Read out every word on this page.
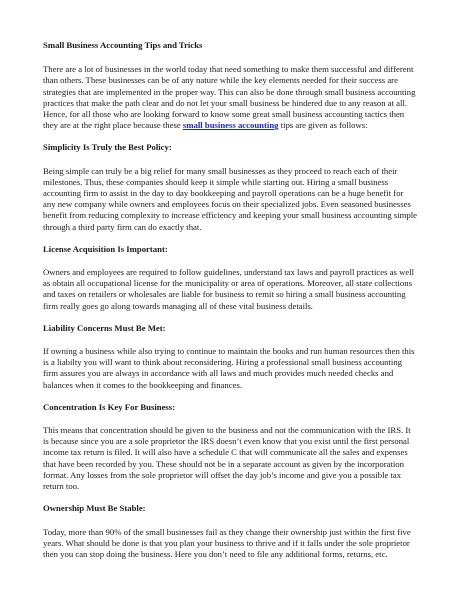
Small Business Accounting Tips and Tricks
There are a lot of businesses in the world today that need something to make them successful and different than others. These businesses can be of any nature while the key elements needed for their success are strategies that are implemented in the proper way. This can also be done through small business accounting practices that make the path clear and do not let your small business be hindered due to any reason at all. Hence, for all those who are looking forward to know some great small business accounting tactics then they are at the right place because these small business accounting tips are given as follows:
Simplicity Is Truly the Best Policy:
Being simple can truly be a big relief for many small businesses as they proceed to reach each of their milestones. Thus, these companies should keep it simple while starting out. Hiring a small business accounting firm to assist in the day to day bookkeeping and payroll operations can be a huge benefit for any new company while owners and employees focus on their specialized jobs. Even seasoned businesses benefit from reducing complexity to increase efficiency and keeping your small business accounting simple through a third party firm can do exactly that.
License Acquisition Is Important:
Owners and employees are required to follow guidelines, understand tax laws and payroll practices as well as obtain all occupational license for the municipality or area of operations. Moreover, all state collections and taxes on retailers or wholesales are liable for business to remit so hiring a small business accounting firm really goes go along towards managing all of these vital business details.
Liability Concerns Must Be Met:
If owning a business while also trying to continue to maintain the books and run human resources then this is a liabilty you will want to think about reconsidering. Hiring a professional small business accounting firm assures you are always in accordance with all laws and much provides much needed checks and balances when it comes to the bookkeeping and finances.
Concentration Is Key For Business:
This means that concentration should be given to the business and not the communication with the IRS. It is because since you are a sole proprietor the IRS doesn’t even know that you exist until the first personal income tax return is filed. It will also have a schedule C that will communicate all the sales and expenses that have been recorded by you. These should not be in a separate account as given by the incorporation format. Any losses from the sole proprietor will offset the day job’s income and give you a possible tax return too.
Ownership Must Be Stable:
Today, more than 90% of the small businesses fail as they change their ownership just within the first five years. What should be done is that you plan your business to thrive and if it falls under the sole proprietor then you can stop doing the business. Here you don’t need to file any additional forms, returns, etc.
